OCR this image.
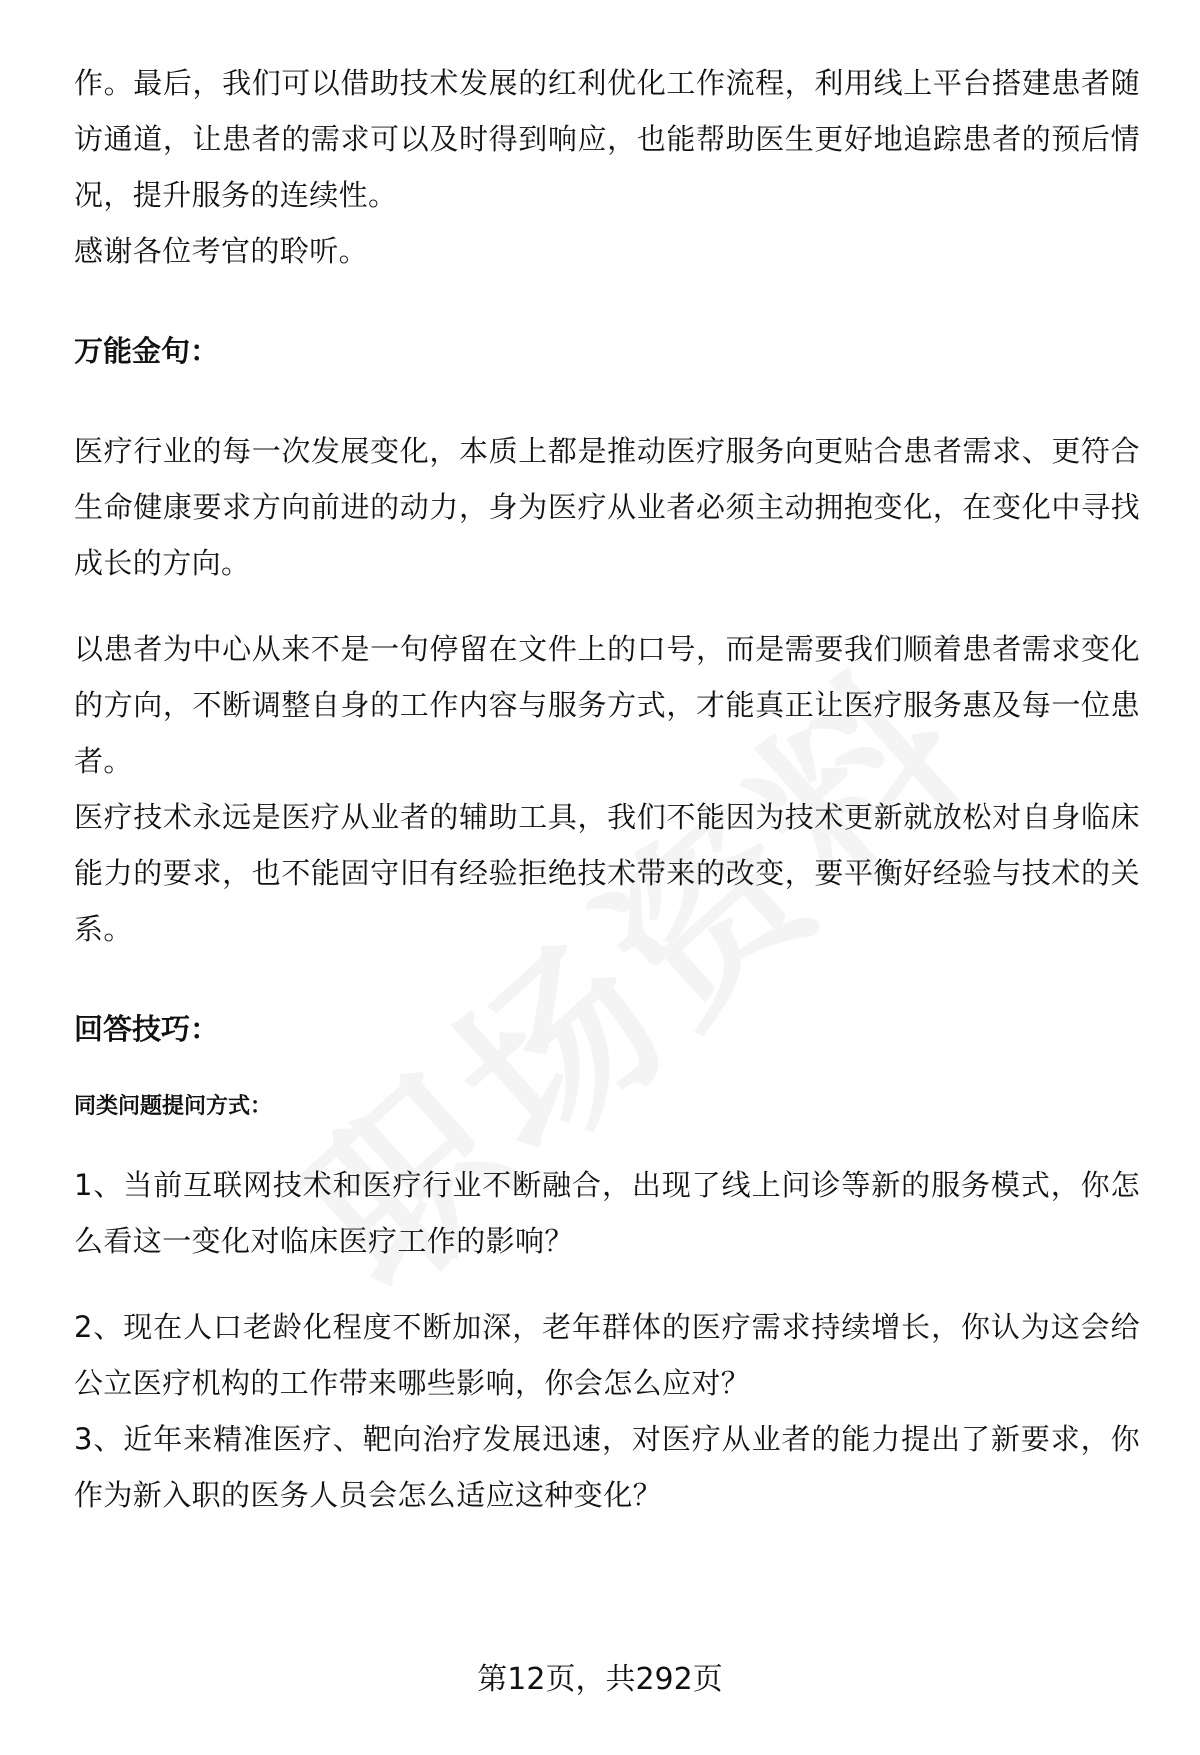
作。最后，我们可以借助技术发展的红利优化工作流程，利用线上平台搭建患者随访通道，让患者的需求可以及时得到响应，也能帮助医生更好地追踪患者的预后情况，提升服务的连续性。

感谢各位考官的聆听。

万能金句：

医疗行业的每一次发展变化，本质上都是推动医疗服务向更贴合患者需求、更符合生命健康要求方向前进的动力，身为医疗从业者必须主动拥抱变化，在变化中寻找成长的方向。

以患者为中心从来不是一句停留在文件上的口号，而是需要我们顺着患者需求变化的方向，不断调整自身的工作内容与服务方式，才能真正让医疗服务惠及每一位患者。

医疗技术永远是医疗从业者的辅助工具，我们不能因为技术更新就放松对自身临床能力的要求，也不能固守旧有经验拒绝技术带来的改变，要平衡好经验与技术的关系。

回答技巧：

同类问题提问方式：

1、当前互联网技术和医疗行业不断融合，出现了线上问诊等新的服务模式，你怎么看这一变化对临床医疗工作的影响？

2、现在人口老龄化程度不断加深，老年群体的医疗需求持续增长，你认为这会给公立医疗机构的工作带来哪些影响，你会怎么应对？

3、近年来精准医疗、靶向治疗发展迅速，对医疗从业者的能力提出了新要求，你作为新入职的医务人员会怎么适应这种变化？

第12页，共292页
